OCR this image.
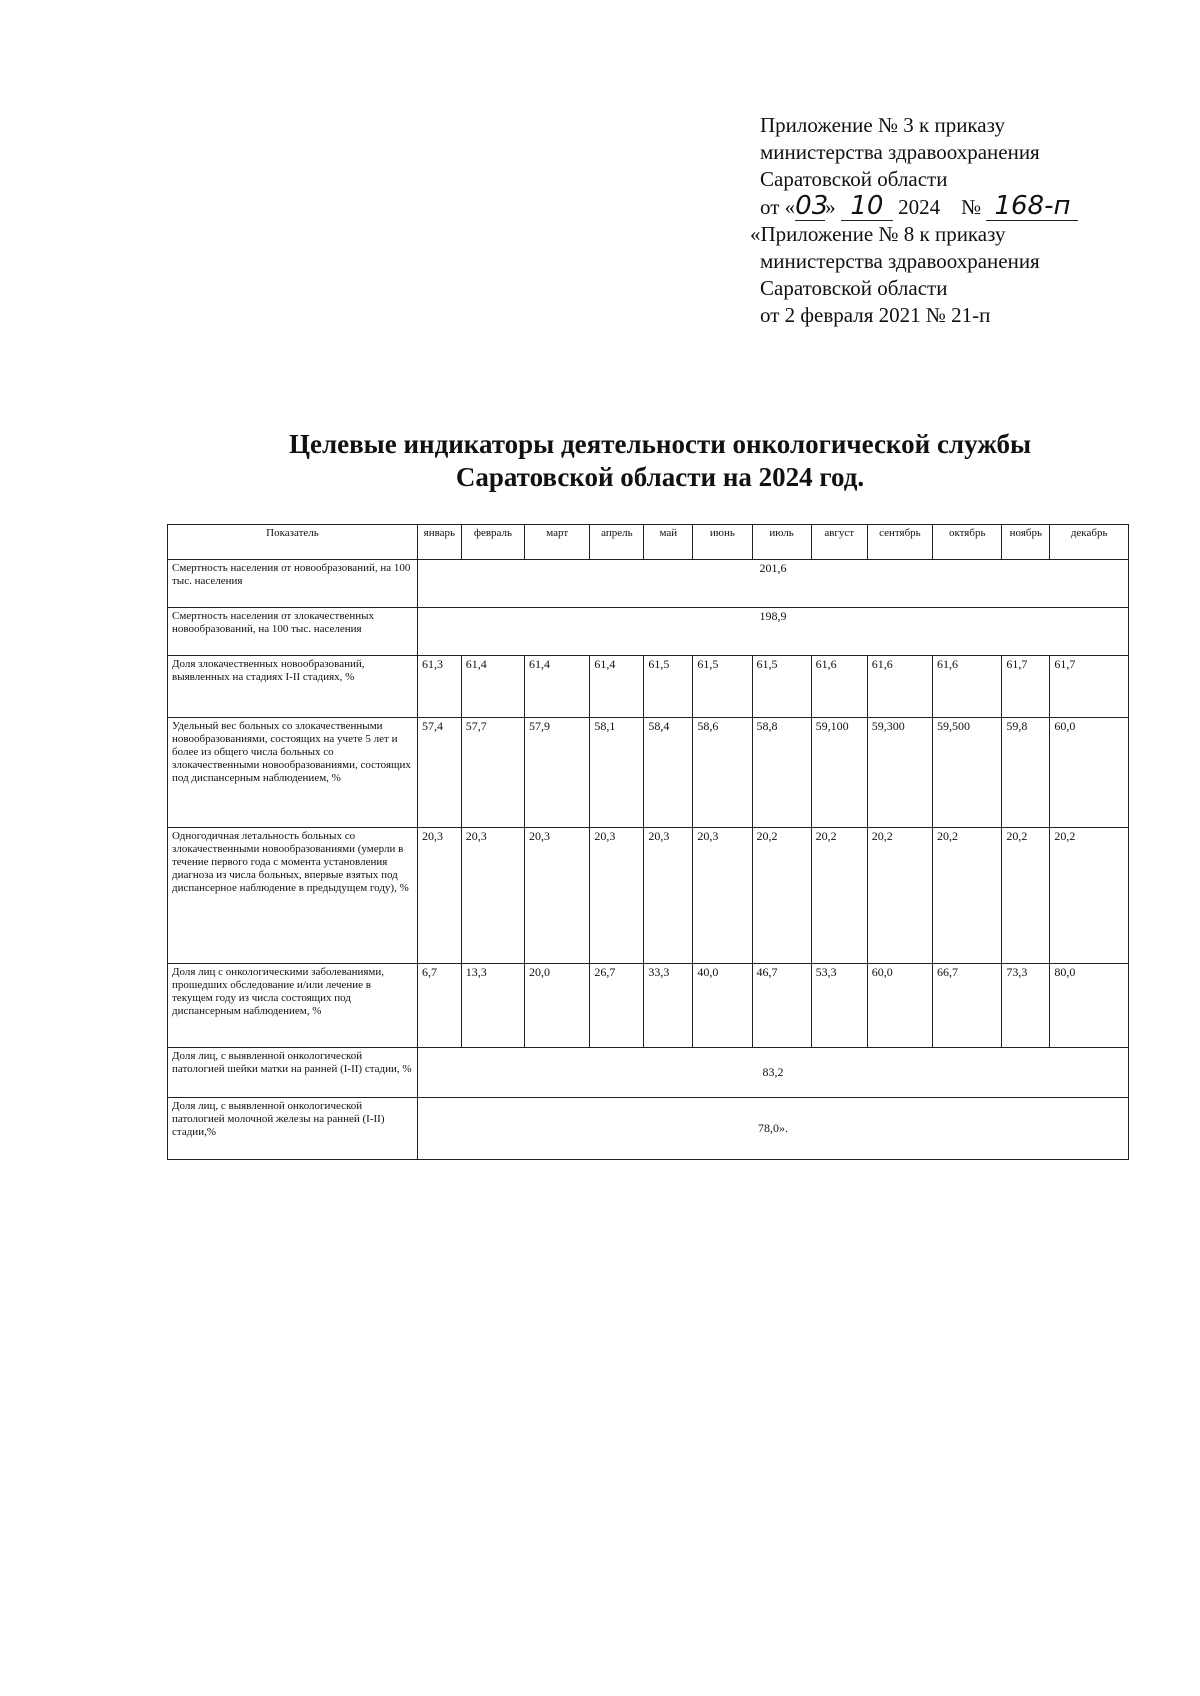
Приложение № 3 к приказу
министерства здравоохранения
Саратовской области
от «03» 10 2024 № 168-п
«Приложение № 8 к приказу
министерства здравоохранения
Саратовской области
от 2 февраля 2021 № 21-п
Целевые индикаторы деятельности онкологической службы
Саратовской области на 2024 год.
Показатель	январь	февраль	март	апрель	май	июнь	июль	август	сентябрь	октябрь	ноябрь	декабрь
Смертность населения от новообразований, на 100 тыс. населения	201,6											
Смертность населения от злокачественных новообразований, на 100 тыс. населения	198,9											
Доля злокачественных новообразований, выявленных на стадиях I-II стадиях, %	61,3	61,4	61,4	61,4	61,5	61,5	61,5	61,6	61,6	61,6	61,7	61,7
Удельный вес больных со злокачественными новообразованиями, состоящих на учете 5 лет и более из общего числа больных со злокачественными новообразованиями, состоящих под диспансерным наблюдением, %	57,4	57,7	57,9	58,1	58,4	58,6	58,8	59,100	59,300	59,500	59,8	60,0
Одногодичная летальность больных со злокачественными новообразованиями (умерли в течение первого года с момента установления диагноза из числа больных, впервые взятых под диспансерное наблюдение в предыдущем году), %	20,3	20,3	20,3	20,3	20,3	20,3	20,2	20,2	20,2	20,2	20,2	20,2
Доля лиц с онкологическими заболеваниями, прошедших обследование и/или лечение в текущем году из числа состоящих под диспансерным наблюдением, %	6,7	13,3	20,0	26,7	33,3	40,0	46,7	53,3	60,0	66,7	73,3	80,0
Доля лиц, с выявленной онкологической патологией шейки матки на ранней (I-II) стадии, %	83,2											
Доля лиц, с выявленной онкологической патологией молочной железы на ранней (I-II) стадии,%	78,0».											
